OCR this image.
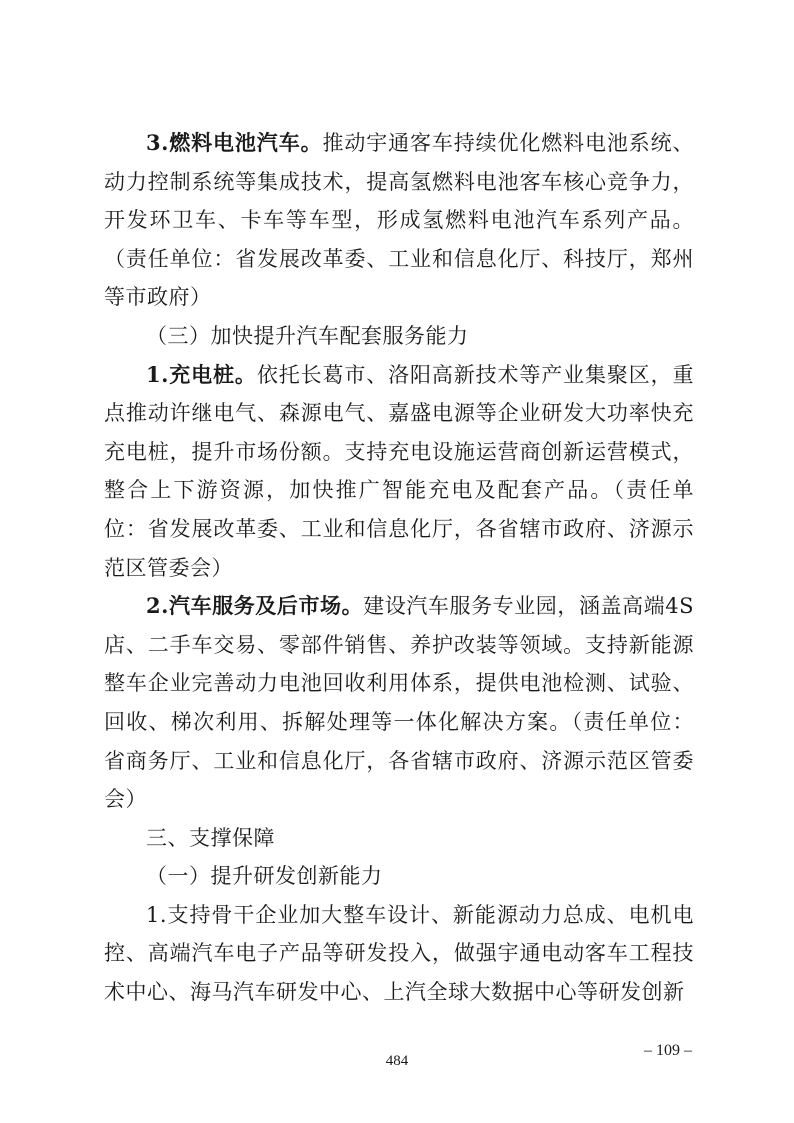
3.燃料电池汽车。推动宇通客车持续优化燃料电池系统、动力控制系统等集成技术，提高氢燃料电池客车核心竞争力，开发环卫车、卡车等车型，形成氢燃料电池汽车系列产品。（责任单位：省发展改革委、工业和信息化厅、科技厅，郑州等市政府）

（三）加快提升汽车配套服务能力

1.充电桩。依托长葛市、洛阳高新技术等产业集聚区，重点推动许继电气、森源电气、嘉盛电源等企业研发大功率快充充电桩，提升市场份额。支持充电设施运营商创新运营模式，整合上下游资源，加快推广智能充电及配套产品。（责任单位：省发展改革委、工业和信息化厅，各省辖市政府、济源示范区管委会）

2.汽车服务及后市场。建设汽车服务专业园，涵盖高端4S店、二手车交易、零部件销售、养护改装等领域。支持新能源整车企业完善动力电池回收利用体系，提供电池检测、试验、回收、梯次利用、拆解处理等一体化解决方案。（责任单位：省商务厅、工业和信息化厅，各省辖市政府、济源示范区管委会）

三、支撑保障

（一）提升研发创新能力

1.支持骨干企业加大整车设计、新能源动力总成、电机电控、高端汽车电子产品等研发投入，做强宇通电动客车工程技术中心、海马汽车研发中心、上汽全球大数据中心等研发创新

– 109 –
484
